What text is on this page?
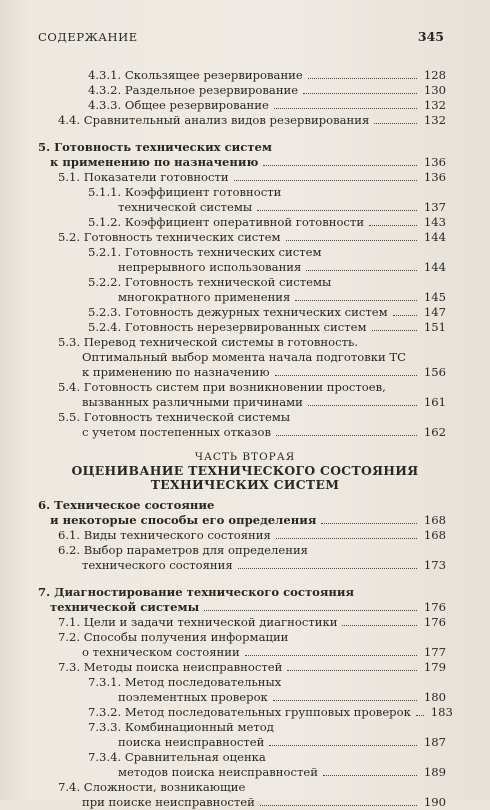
СОДЕРЖАНИЕ	345
4.3.1. Скользящее резервирование	128
4.3.2. Раздельное резервирование	130
4.3.3. Общее резервирование	132
4.4. Сравнительный анализ видов резервирования	132
5. Готовность технических систем
к применению по назначению	136
5.1. Показатели готовности	136
5.1.1. Коэффициент готовности
технической системы	137
5.1.2. Коэффициент оперативной готовности	143
5.2. Готовность технических систем	144
5.2.1. Готовность технических систем
непрерывного использования	144
5.2.2. Готовность технической системы
многократного применения	145
5.2.3. Готовность дежурных технических систем	147
5.2.4. Готовность нерезервированных систем	151
5.3. Перевод технической системы в готовность.
Оптимальный выбор момента начала подготовки ТС
к применению по назначению	156
5.4. Готовность систем при возникновении простоев,
вызванных различными причинами	161
5.5. Готовность технической системы
с учетом постепенных отказов	162
ЧАСТЬ ВТОРАЯ
ОЦЕНИВАНИЕ ТЕХНИЧЕСКОГО СОСТОЯНИЯ
ТЕХНИЧЕСКИХ СИСТЕМ
6. Техническое состояние
и некоторые способы его определения	168
6.1. Виды технического состояния	168
6.2. Выбор параметров для определения
технического состояния	173
7. Диагностирование технического состояния
технической системы	176
7.1. Цели и задачи технической диагностики	176
7.2. Способы получения информации
о техническом состоянии	177
7.3. Методы поиска неисправностей	179
7.3.1. Метод последовательных
поэлементных проверок	180
7.3.2. Метод последовательных групповых проверок 183
7.3.3. Комбинационный метод
поиска неисправностей	187
7.3.4. Сравнительная оценка
методов поиска неисправностей	189
7.4. Сложности, возникающие
при поиске неисправностей	190
